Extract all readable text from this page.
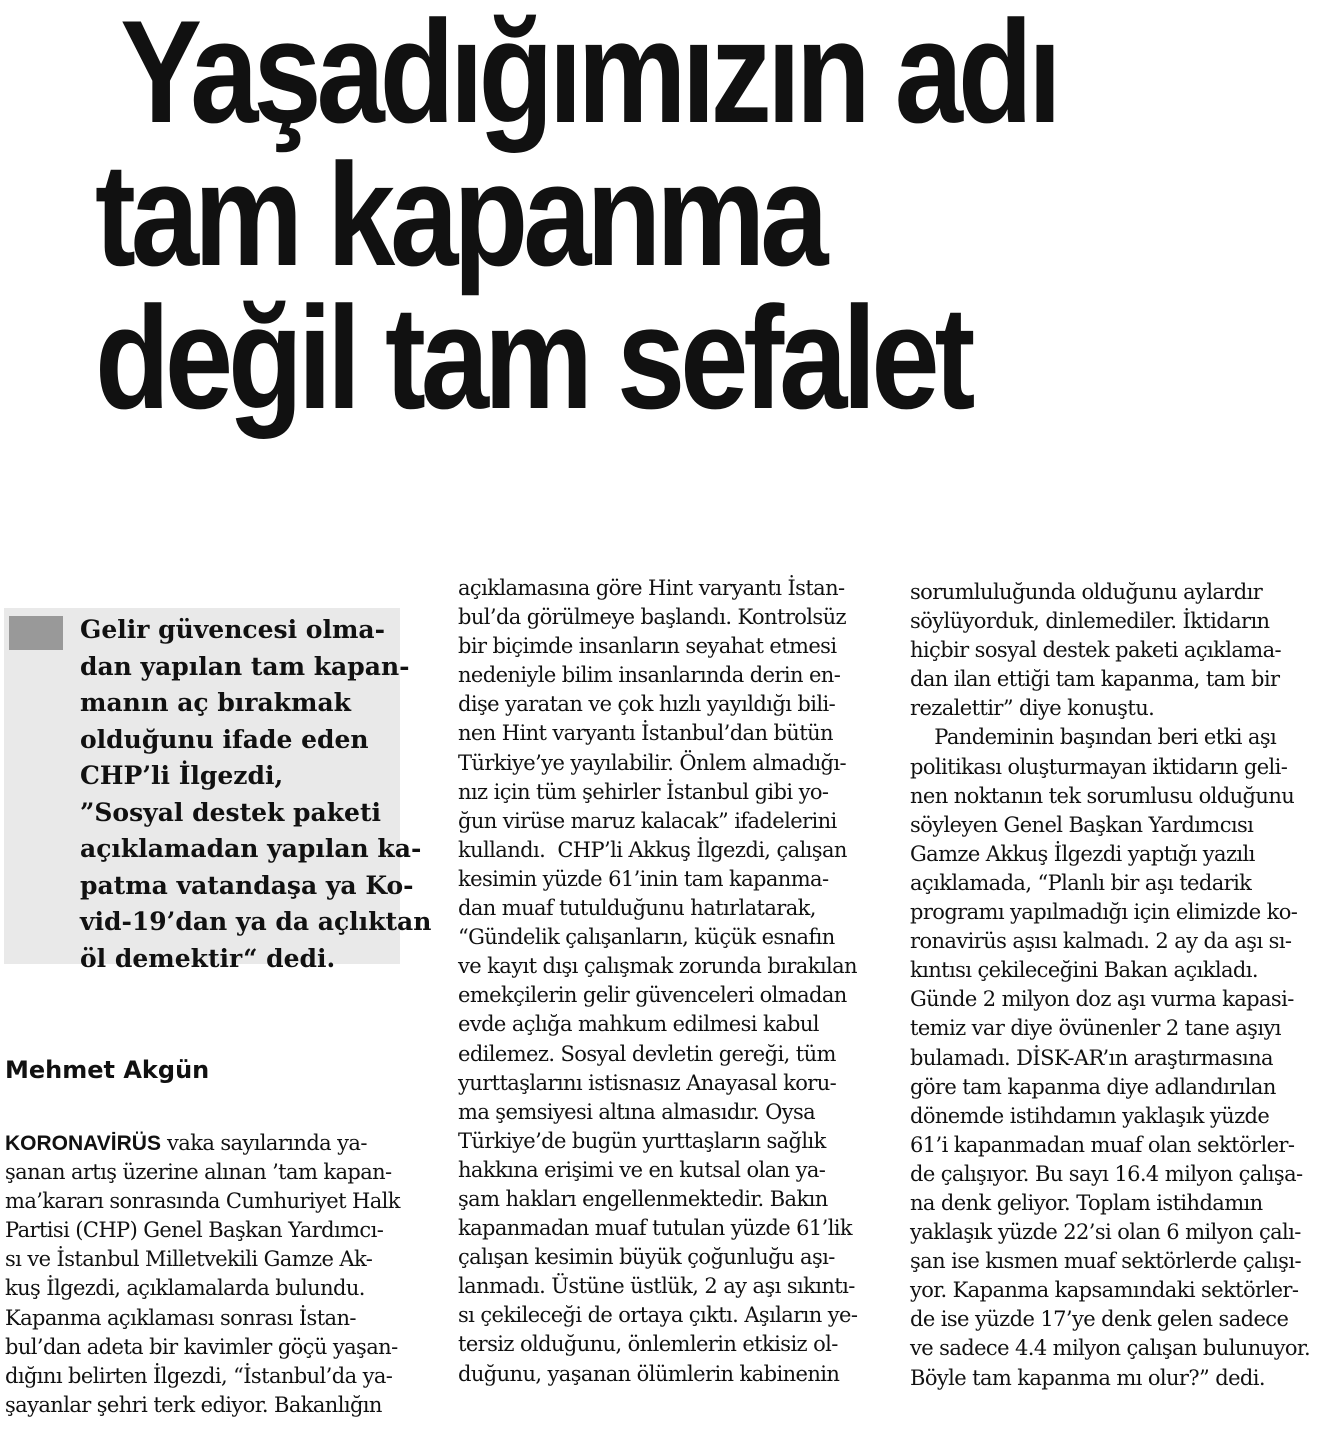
Yaşadığımızın adı
tam kapanma
değil tam sefalet
Gelir güvencesi olma-
dan yapılan tam kapan-
manın aç bırakmak
olduğunu ifade eden
CHP’li İlgezdi,
”Sosyal destek paketi
açıklamadan yapılan ka-
patma vatandaşa ya Ko-
vid-19’dan ya da açlıktan
öl demektir“ dedi.
Mehmet Akgün
KORONAVİRÜS vaka sayılarında ya-
şanan artış üzerine alınan ’tam kapan-
ma’kararı sonrasında Cumhuriyet Halk
Partisi (CHP) Genel Başkan Yardımcı-
sı ve İstanbul Milletvekili Gamze Ak-
kuş İlgezdi, açıklamalarda bulundu.
Kapanma açıklaması sonrası İstan-
bul’dan adeta bir kavimler göçü yaşan-
dığını belirten İlgezdi, “İstanbul’da ya-
şayanlar şehri terk ediyor. Bakanlığın
açıklamasına göre Hint varyantı İstan-
bul’da görülmeye başlandı. Kontrolsüz
bir biçimde insanların seyahat etmesi
nedeniyle bilim insanlarında derin en-
dişe yaratan ve çok hızlı yayıldığı bili-
nen Hint varyantı İstanbul’dan bütün
Türkiye’ye yayılabilir. Önlem almadığı-
nız için tüm şehirler İstanbul gibi yo-
ğun virüse maruz kalacak” ifadelerini
kullandı.  CHP’li Akkuş İlgezdi, çalışan
kesimin yüzde 61’inin tam kapanma-
dan muaf tutulduğunu hatırlatarak,
“Gündelik çalışanların, küçük esnafın
ve kayıt dışı çalışmak zorunda bırakılan
emekçilerin gelir güvenceleri olmadan
evde açlığa mahkum edilmesi kabul
edilemez. Sosyal devletin gereği, tüm
yurttaşlarını istisnasız Anayasal koru-
ma şemsiyesi altına almasıdır. Oysa
Türkiye’de bugün yurttaşların sağlık
hakkına erişimi ve en kutsal olan ya-
şam hakları engellenmektedir. Bakın
kapanmadan muaf tutulan yüzde 61’lik
çalışan kesimin büyük çoğunluğu aşı-
lanmadı. Üstüne üstlük, 2 ay aşı sıkıntı-
sı çekileceği de ortaya çıktı. Aşıların ye-
tersiz olduğunu, önlemlerin etkisiz ol-
duğunu, yaşanan ölümlerin kabinenin
sorumluluğunda olduğunu aylardır
söylüyorduk, dinlemediler. İktidarın
hiçbir sosyal destek paketi açıklama-
dan ilan ettiği tam kapanma, tam bir
rezalettir” diye konuştu.
Pandeminin başından beri etki aşı
politikası oluşturmayan iktidarın geli-
nen noktanın tek sorumlusu olduğunu
söyleyen Genel Başkan Yardımcısı
Gamze Akkuş İlgezdi yaptığı yazılı
açıklamada, “Planlı bir aşı tedarik
programı yapılmadığı için elimizde ko-
ronavirüs aşısı kalmadı. 2 ay da aşı sı-
kıntısı çekileceğini Bakan açıkladı.
Günde 2 milyon doz aşı vurma kapasi-
temiz var diye övünenler 2 tane aşıyı
bulamadı. DİSK-AR’ın araştırmasına
göre tam kapanma diye adlandırılan
dönemde istihdamın yaklaşık yüzde
61’i kapanmadan muaf olan sektörler-
de çalışıyor. Bu sayı 16.4 milyon çalışa-
na denk geliyor. Toplam istihdamın
yaklaşık yüzde 22’si olan 6 milyon çalı-
şan ise kısmen muaf sektörlerde çalışı-
yor. Kapanma kapsamındaki sektörler-
de ise yüzde 17’ye denk gelen sadece
ve sadece 4.4 milyon çalışan bulunuyor.
Böyle tam kapanma mı olur?” dedi.
